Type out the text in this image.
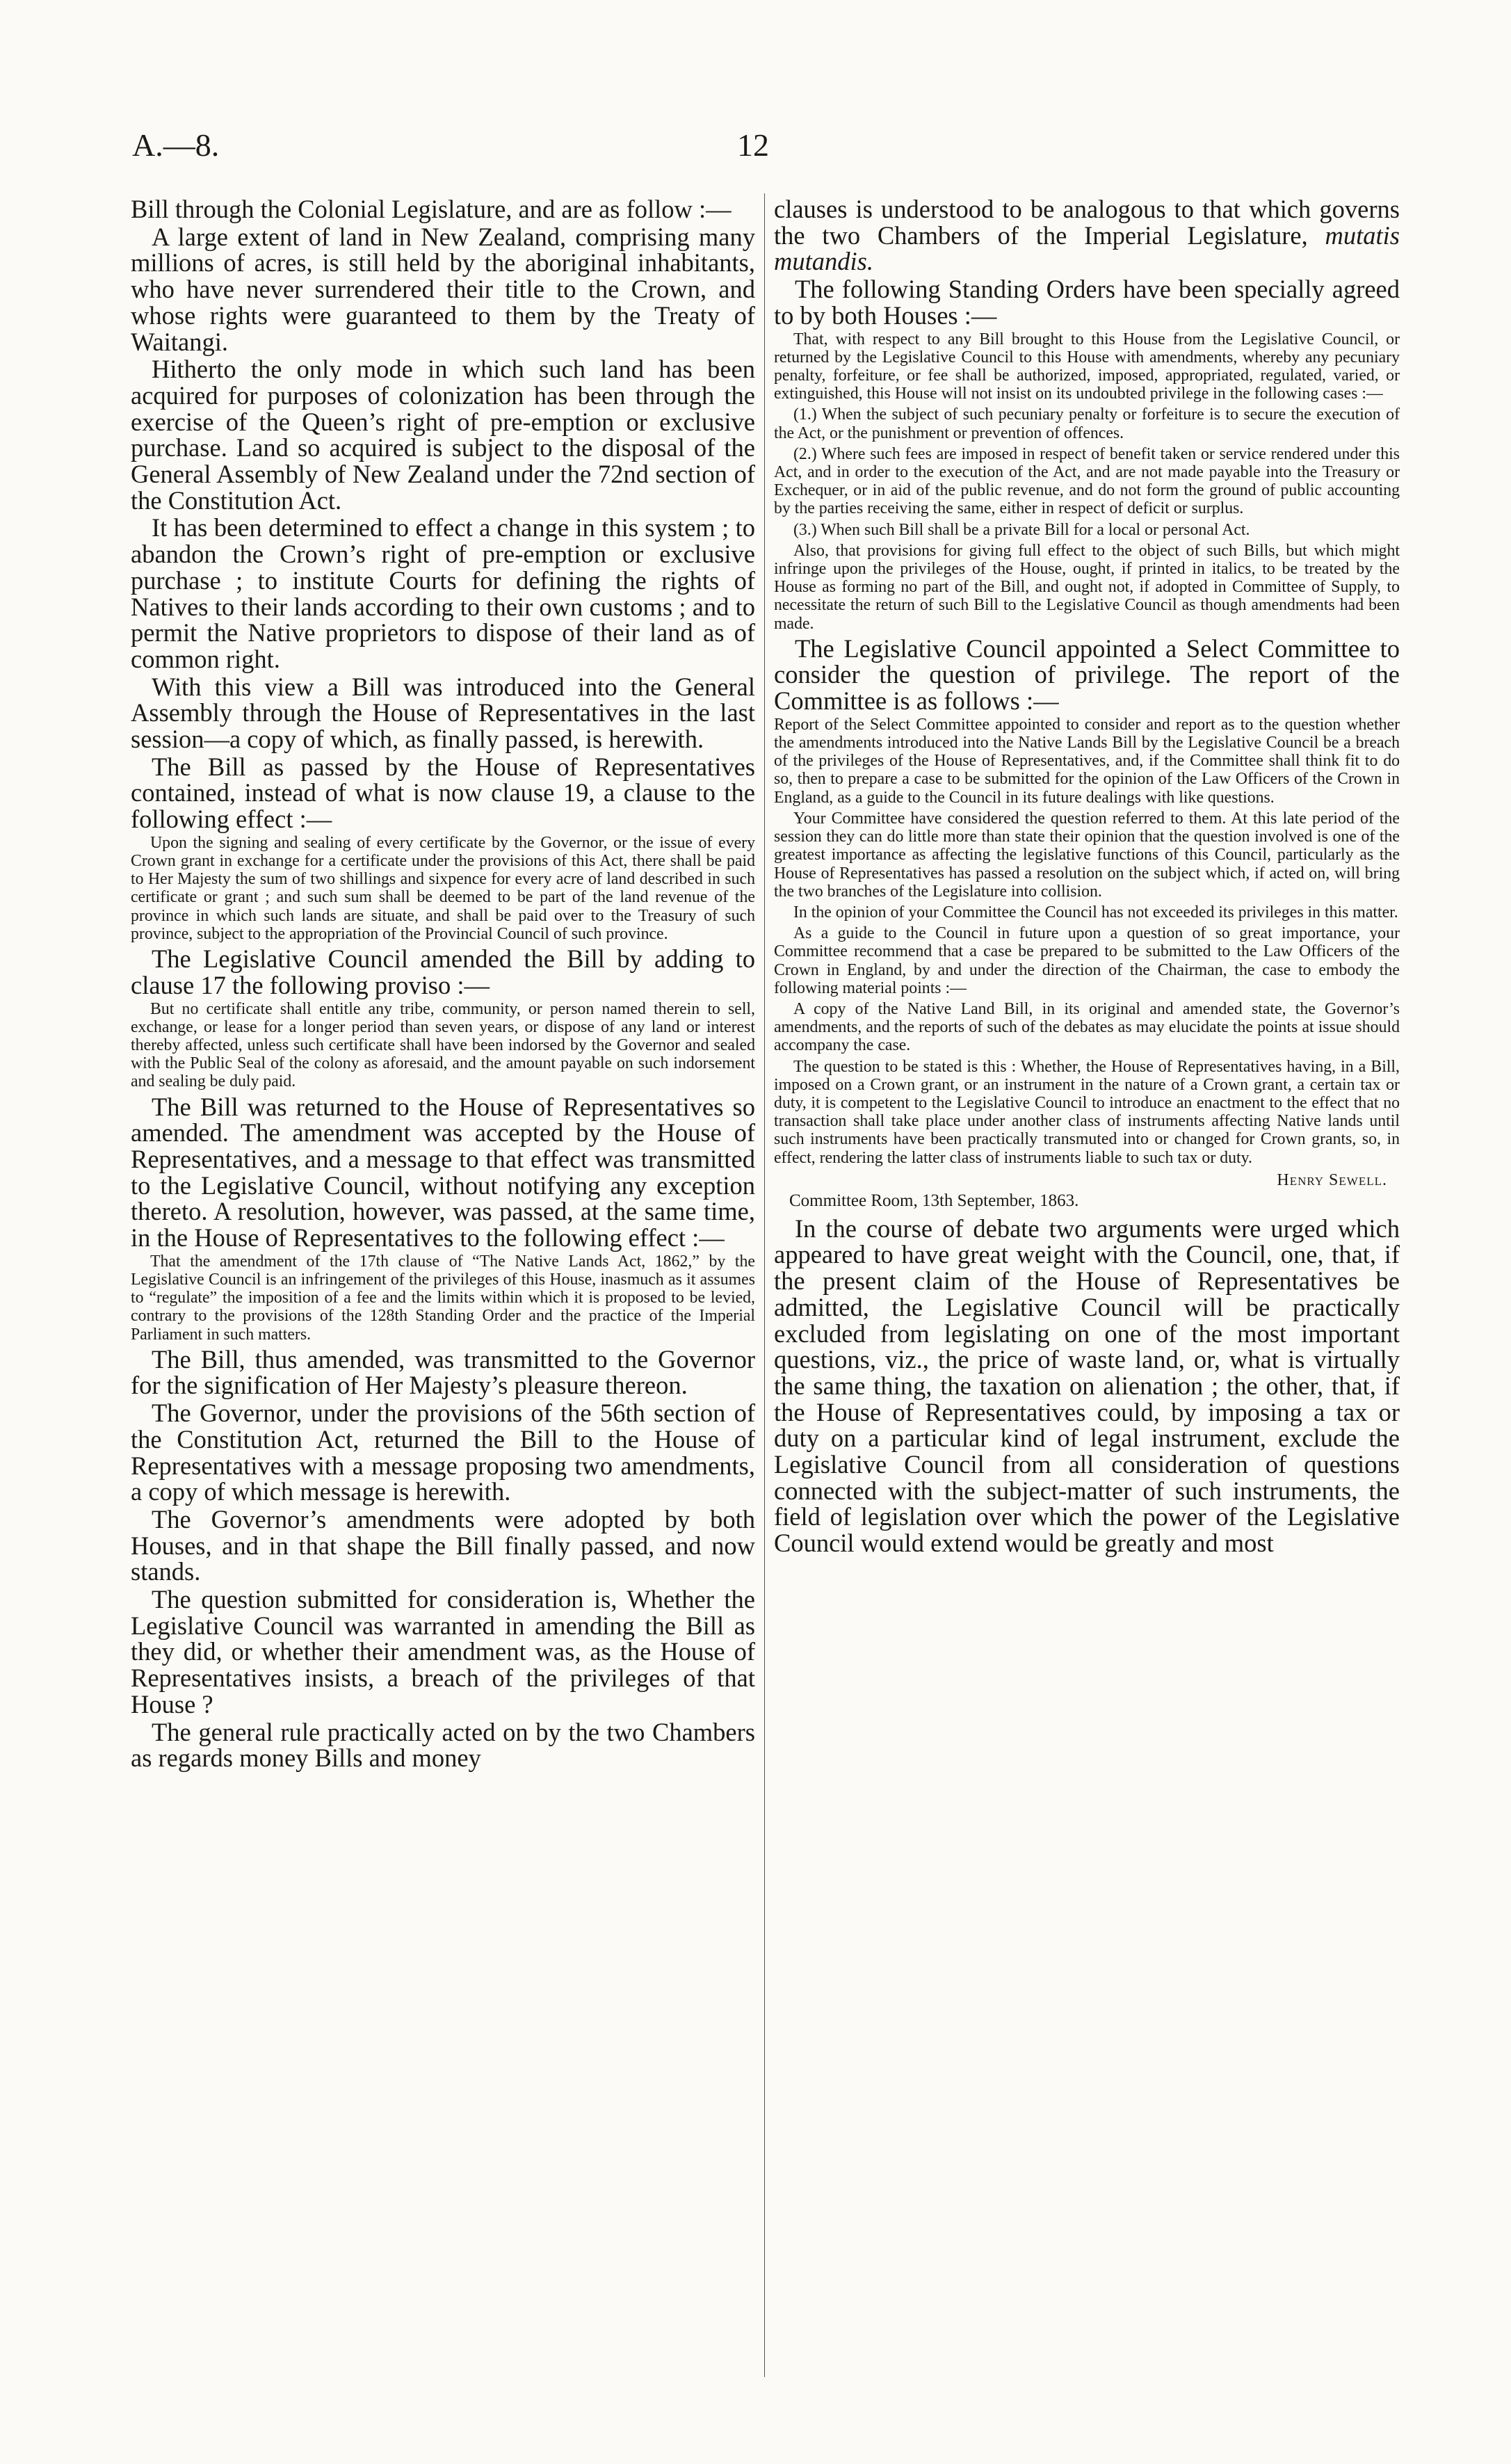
A.—8.	12

Bill through the Colonial Legislature, and are as follow :—

A large extent of land in New Zealand, comprising many millions of acres, is still held by the aboriginal inhabitants, who have never surrendered their title to the Crown, and whose rights were guaranteed to them by the Treaty of Waitangi.

Hitherto the only mode in which such land has been acquired for purposes of colonization has been through the exercise of the Queen’s right of pre-emption or exclusive purchase. Land so acquired is subject to the disposal of the General Assembly of New Zealand under the 72nd section of the Constitution Act.

It has been determined to effect a change in this system ; to abandon the Crown’s right of pre-emption or exclusive purchase ; to institute Courts for defining the rights of Natives to their lands according to their own customs ; and to permit the Native proprietors to dispose of their land as of common right.

With this view a Bill was introduced into the General Assembly through the House of Representatives in the last session—a copy of which, as finally passed, is herewith.

The Bill as passed by the House of Representatives contained, instead of what is now clause 19, a clause to the following effect :—

Upon the signing and sealing of every certificate by the Governor, or the issue of every Crown grant in exchange for a certificate under the provisions of this Act, there shall be paid to Her Majesty the sum of two shillings and sixpence for every acre of land described in such certificate or grant ; and such sum shall be deemed to be part of the land revenue of the province in which such lands are situate, and shall be paid over to the Treasury of such province, subject to the appropriation of the Provincial Council of such province.

The Legislative Council amended the Bill by adding to clause 17 the following proviso :—

But no certificate shall entitle any tribe, community, or person named therein to sell, exchange, or lease for a longer period than seven years, or dispose of any land or interest thereby affected, unless such certificate shall have been indorsed by the Governor and sealed with the Public Seal of the colony as aforesaid, and the amount payable on such indorsement and sealing be duly paid.

The Bill was returned to the House of Representatives so amended. The amendment was accepted by the House of Representatives, and a message to that effect was transmitted to the Legislative Council, without notifying any exception thereto. A resolution, however, was passed, at the same time, in the House of Representatives to the following effect :—

That the amendment of the 17th clause of “The Native Lands Act, 1862,” by the Legislative Council is an infringement of the privileges of this House, inasmuch as it assumes to “regulate” the imposition of a fee and the limits within which it is proposed to be levied, contrary to the provisions of the 128th Standing Order and the practice of the Imperial Parliament in such matters.

The Bill, thus amended, was transmitted to the Governor for the signification of Her Majesty’s pleasure thereon.

The Governor, under the provisions of the 56th section of the Constitution Act, returned the Bill to the House of Representatives with a message proposing two amendments, a copy of which message is herewith.

The Governor’s amendments were adopted by both Houses, and in that shape the Bill finally passed, and now stands.

The question submitted for consideration is, Whether the Legislative Council was warranted in amending the Bill as they did, or whether their amendment was, as the House of Representatives insists, a breach of the privileges of that House ?

The general rule practically acted on by the two Chambers as regards money Bills and money

clauses is understood to be analogous to that which governs the two Chambers of the Imperial Legislature, mutatis mutandis.

The following Standing Orders have been specially agreed to by both Houses :—

That, with respect to any Bill brought to this House from the Legislative Council, or returned by the Legislative Council to this House with amendments, whereby any pecuniary penalty, forfeiture, or fee shall be authorized, imposed, appropriated, regulated, varied, or extinguished, this House will not insist on its undoubted privilege in the following cases :—

(1.) When the subject of such pecuniary penalty or forfeiture is to secure the execution of the Act, or the punishment or prevention of offences.

(2.) Where such fees are imposed in respect of benefit taken or service rendered under this Act, and in order to the execution of the Act, and are not made payable into the Treasury or Exchequer, or in aid of the public revenue, and do not form the ground of public accounting by the parties receiving the same, either in respect of deficit or surplus.

(3.) When such Bill shall be a private Bill for a local or personal Act.

Also, that provisions for giving full effect to the object of such Bills, but which might infringe upon the privileges of the House, ought, if printed in italics, to be treated by the House as forming no part of the Bill, and ought not, if adopted in Committee of Supply, to necessitate the return of such Bill to the Legislative Council as though amendments had been made.

The Legislative Council appointed a Select Committee to consider the question of privilege. The report of the Committee is as follows :—

Report of the Select Committee appointed to consider and report as to the question whether the amendments introduced into the Native Lands Bill by the Legislative Council be a breach of the privileges of the House of Representatives, and, if the Committee shall think fit to do so, then to prepare a case to be submitted for the opinion of the Law Officers of the Crown in England, as a guide to the Council in its future dealings with like questions.

Your Committee have considered the question referred to them. At this late period of the session they can do little more than state their opinion that the question involved is one of the greatest importance as affecting the legislative functions of this Council, particularly as the House of Representatives has passed a resolution on the subject which, if acted on, will bring the two branches of the Legislature into collision.

In the opinion of your Committee the Council has not exceeded its privileges in this matter.

As a guide to the Council in future upon a question of so great importance, your Committee recommend that a case be prepared to be submitted to the Law Officers of the Crown in England, by and under the direction of the Chairman, the case to embody the following material points :—

A copy of the Native Land Bill, in its original and amended state, the Governor’s amendments, and the reports of such of the debates as may elucidate the points at issue should accompany the case.

The question to be stated is this : Whether, the House of Representatives having, in a Bill, imposed on a Crown grant, or an instrument in the nature of a Crown grant, a certain tax or duty, it is competent to the Legislative Council to introduce an enactment to the effect that no transaction shall take place under another class of instruments affecting Native lands until such instruments have been practically transmuted into or changed for Crown grants, so, in effect, rendering the latter class of instruments liable to such tax or duty.

Henry Sewell.

Committee Room, 13th September, 1863.

In the course of debate two arguments were urged which appeared to have great weight with the Council, one, that, if the present claim of the House of Representatives be admitted, the Legislative Council will be practically excluded from legislating on one of the most important questions, viz., the price of waste land, or, what is virtually the same thing, the taxation on alienation ; the other, that, if the House of Representatives could, by imposing a tax or duty on a particular kind of legal instrument, exclude the Legislative Council from all consideration of questions connected with the subject-matter of such instruments, the field of legislation over which the power of the Legislative Council would extend would be greatly and most
